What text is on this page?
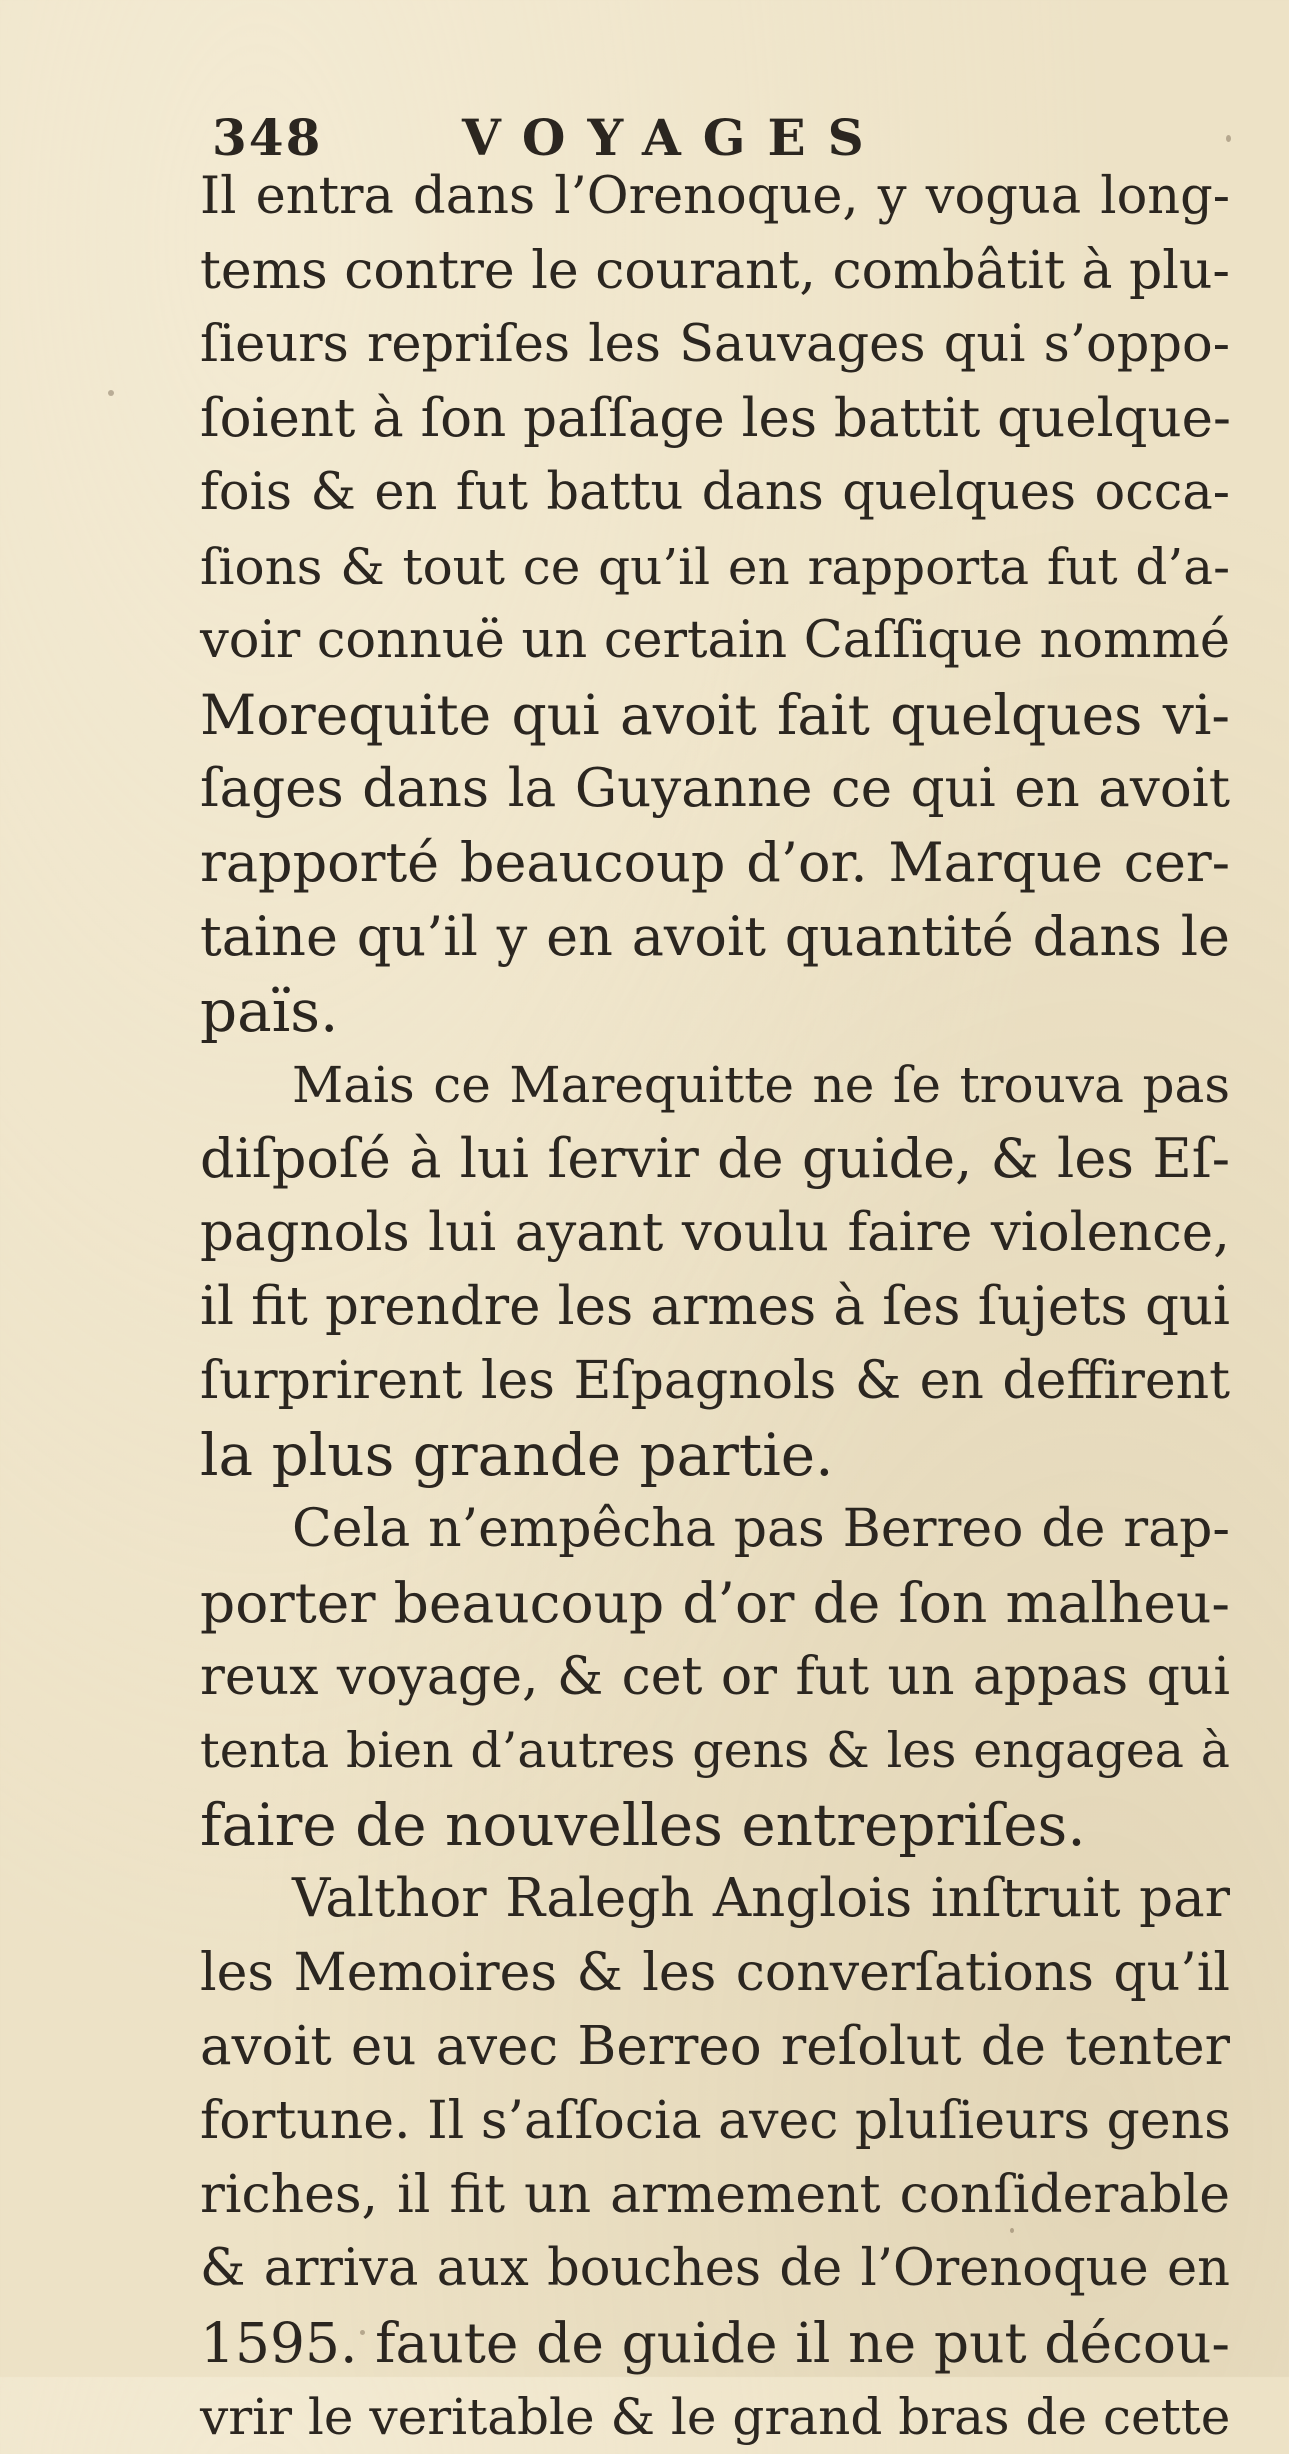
348	VOYAGES
Il entra dans l’Orenoque, y vogua long-
tems contre le courant, combâtit à plu-
ſieurs repriſes les Sauvages qui s’oppo-
ſoient à ſon paſſage les battit quelque-
fois & en fut battu dans quelques occa-
ſions & tout ce qu’il en rapporta fut d’a-
voir connuë un certain Caſſique nommé
Morequite qui avoit fait quelques vi-
ſages dans la Guyanne ce qui en avoit
rapporté beaucoup d’or. Marque cer-
taine qu’il y en avoit quantité dans le
païs.
Mais ce Marequitte ne ſe trouva pas
diſpoſé à lui ſervir de guide, & les Eſ-
pagnols lui ayant voulu faire violence,
il fit prendre les armes à ſes ſujets qui
ſurprirent les Eſpagnols & en deffirent
la plus grande partie.
Cela n’empêcha pas Berreo de rap-
porter beaucoup d’or de ſon malheu-
reux voyage, & cet or fut un appas qui
tenta bien d’autres gens & les engagea à
faire de nouvelles entrepriſes.
Valthor Ralegh Anglois inſtruit par
les Memoires & les converſations qu’il
avoit eu avec Berreo reſolut de tenter
fortune. Il s’aſſocia avec pluſieurs gens
riches, il fit un armement conſiderable
& arriva aux bouches de l’Orenoque en
1595. faute de guide il ne put décou-
vrir le veritable & le grand bras de cette
